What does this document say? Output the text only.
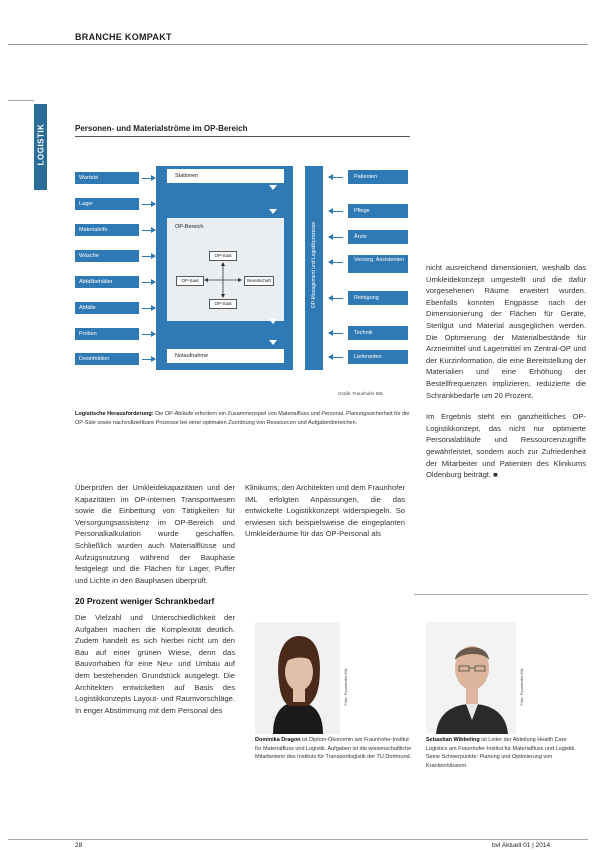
BRANCHE KOMPAKT
LOGISTIK	Personen- und Materialströme im OP-Bereich
Wartebt
Lager
Materialinfo
Wäsche
Abfallbehälter
Abfälle
Proben
Desinfektion
Patienten
Pflege
Ärzte
Versorg. Assistenten
Reinigung
Technik
Lieferanten
Stationen
OP-Bereich
OP-Saal
OP-Saal	Bereitschaft
OP-Saal
Notaufnahme
OP-Management und Logistikprozesse
Grafik: Fraunhofer IML
Logistische Herausforderung: Die OP-Abläufe erfordern ein Zusammenspiel von Materialfluss und Personal, Planungssicherheit für die OP-Säle sowie nachvollziehbare Prozesse bei einer optimalen Zuordnung von Ressourcen und Aufgabenbereichen.
Überprüfen der Umkleidekapazitäten und der Kapazitäten im OP-internen Transportwesen sowie die Einbettung von Tätigkeiten für Versorgungsassistenz im OP-Bereich und Personalkalkulation wurde geschaffen. Schließlich wurden auch Materialflüsse und Aufzugsnutzung während der Bauphase festgelegt und die Flächen für Lager, Puffer und Lichte in den Bauphasen überprüft.
20 Prozent weniger Schrankbedarf
Die Vielzahl und Unterschiedlichkeit der Aufgaben machen die Komplexität deutlich. Zudem handelt es sich hierbei nicht um den Bau auf einer grünen Wiese, denn das Bauvorhaben für eine Neu- und Umbau auf dem bestehenden Grundstück ausgelegt. Die Architekten entwickelten auf Basis des Logistikkonzepts Layout- und Raumvorschläge. In enger Abstimmung mit dem Personal des
Klinikums, den Architekten und dem Fraunhofer IML erfolgten Anpassungen, die das entwickelte Logistikkonzept widerspiegeln. So erwiesen sich beispielsweise die eingeplanten Umkleideräume für das OP-Personal als
nicht ausreichend dimensioniert, weshalb das Umkleidekonzept umgestellt und die dafür vorgesehenen Räume erweitert wurden. Ebenfalls konnten Engpässe nach der Dimensionierung der Flächen für Geräte, Sterilgut und Material ausgeglichen werden. Die Optimierung der Materialbestände für Arzneimittel und Lagermittel im Zentral-OP und der Kurzinformation, die eine Bereitstellung der Materialien und eine Erhöhung der Bestellfrequenzen implizieren, reduzierte die Schrankbedarfe um 20 Prozent.
Im Ergebnis steht ein ganzheitliches OP-Logistikkonzept, das nicht nur optimierte Personalabläufe und Ressourcenzugriffe gewährleistet, sondern auch zur Zufriedenheit der Mitarbeiter und Patienten des Klinikums Oldenburg beiträgt. ■
Foto: Fraunhofer IML
Dominika Dragon ist Diplom-Ökonomin am Fraunhofer-Institut für Materialfluss und Logistik. Aufgaben ist die wissenschaftliche Mitarbeiterin des Instituts für Transportlogistik der TU Dortmund.
Foto: Fraunhofer IML
Sebastian Wibbeling ist Leiter der Abteilung Health Care Logistics am Fraunhofer-Institut für Materialfluss und Logistik. Seine Schwerpunkte: Planung und Optimierung von Krankenhäusern.
28	bvl Aktuell 01 | 2014
